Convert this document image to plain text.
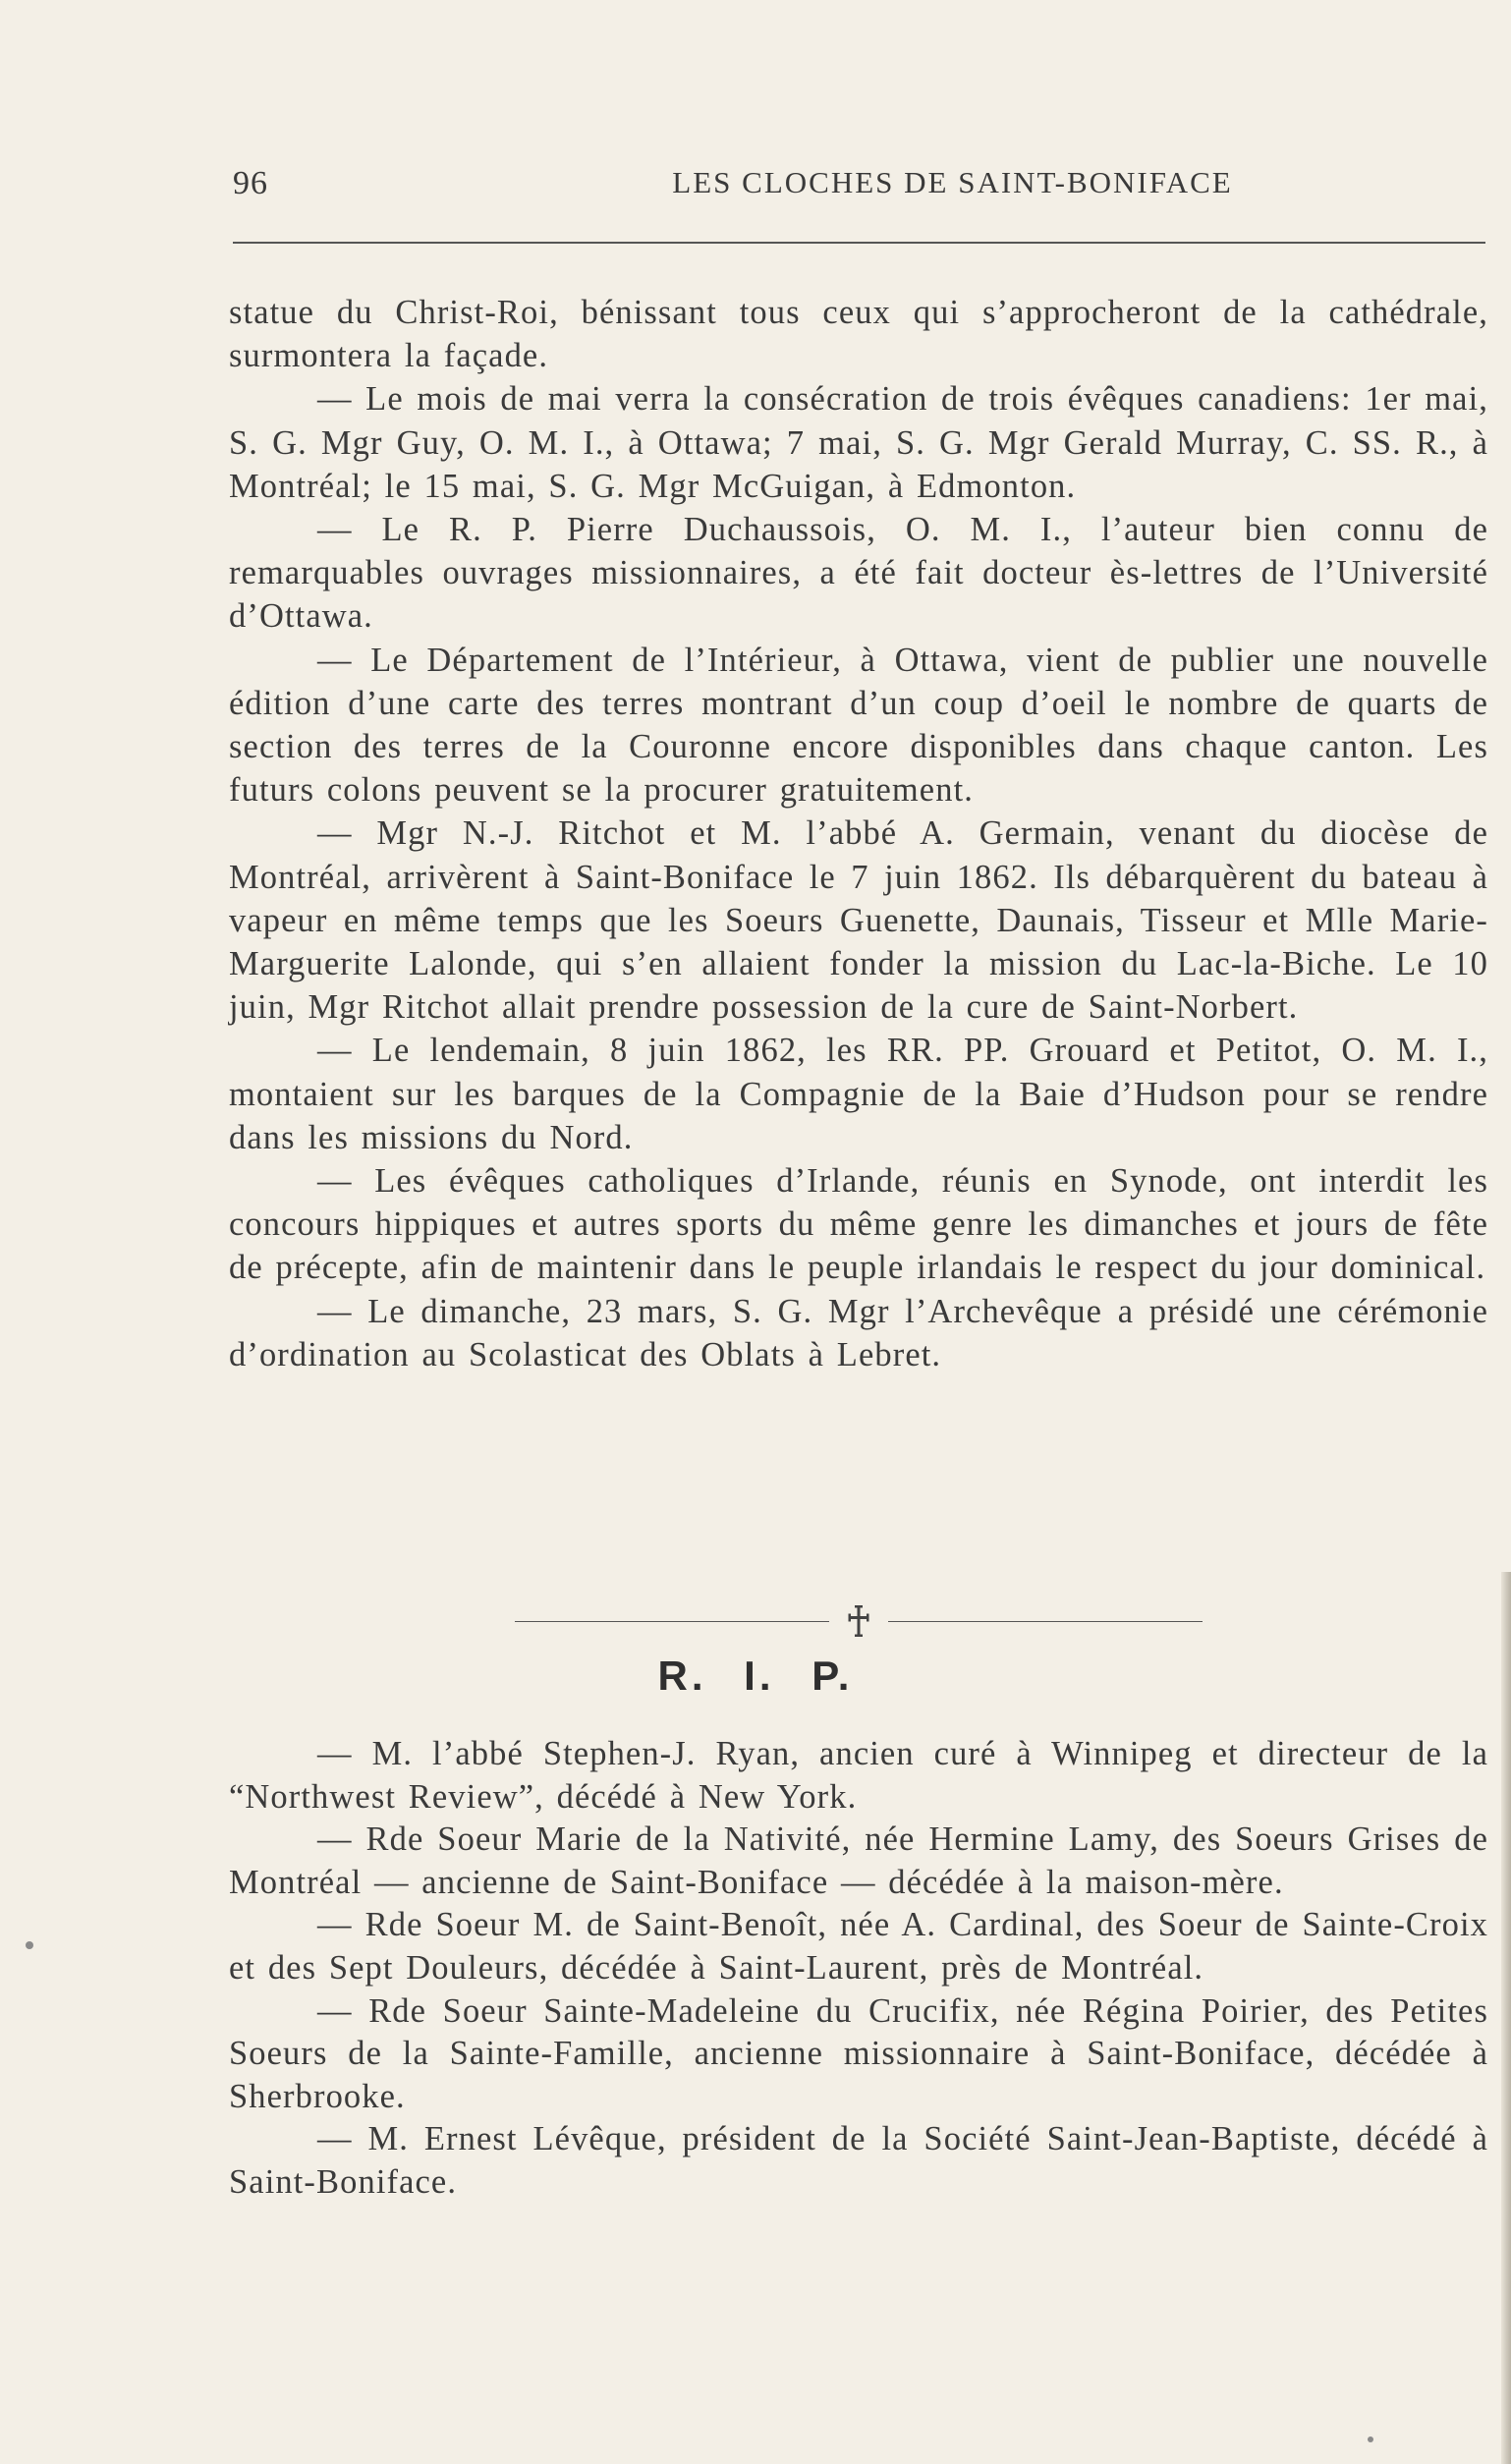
96	LES CLOCHES DE SAINT-BONIFACE

statue du Christ-Roi, bénissant tous ceux qui s’approcheront de la cathédrale, surmontera la façade.

— Le mois de mai verra la consécration de trois évêques canadiens: 1er mai, S. G. Mgr Guy, O. M. I., à Ottawa; 7 mai, S. G. Mgr Gerald Murray, C. SS. R., à Montréal; le 15 mai, S. G. Mgr McGuigan, à Edmonton.

— Le R. P. Pierre Duchaussois, O. M. I., l’auteur bien connu de remarquables ouvrages missionnaires, a été fait docteur ès-lettres de l’Université d’Ottawa.

— Le Département de l’Intérieur, à Ottawa, vient de publier une nouvelle édition d’une carte des terres montrant d’un coup d’oeil le nombre de quarts de section des terres de la Couronne encore disponibles dans chaque canton. Les futurs colons peuvent se la procurer gratuitement.

— Mgr N.-J. Ritchot et M. l’abbé A. Germain, venant du diocèse de Montréal, arrivèrent à Saint-Boniface le 7 juin 1862. Ils débarquèrent du bateau à vapeur en même temps que les Soeurs Guenette, Daunais, Tisseur et Mlle Marie-Marguerite Lalonde, qui s’en allaient fonder la mission du Lac-la-Biche. Le 10 juin, Mgr Ritchot allait prendre possession de la cure de Saint-Norbert.

— Le lendemain, 8 juin 1862, les RR. PP. Grouard et Petitot, O. M. I., montaient sur les barques de la Compagnie de la Baie d’Hudson pour se rendre dans les missions du Nord.

— Les évêques catholiques d’Irlande, réunis en Synode, ont interdit les concours hippiques et autres sports du même genre les dimanches et jours de fête de précepte, afin de maintenir dans le peuple irlandais le respect du jour dominical.

— Le dimanche, 23 mars, S. G. Mgr l’Archevêque a présidé une cérémonie d’ordination au Scolasticat des Oblats à Lebret.

R. I. P.

— M. l’abbé Stephen-J. Ryan, ancien curé à Winnipeg et directeur de la “Northwest Review”, décédé à New York.

— Rde Soeur Marie de la Nativité, née Hermine Lamy, des Soeurs Grises de Montréal — ancienne de Saint-Boniface — décédée à la maison-mère.

— Rde Soeur M. de Saint-Benoît, née A. Cardinal, des Soeur de Sainte-Croix et des Sept Douleurs, décédée à Saint-Laurent, près de Montréal.

— Rde Soeur Sainte-Madeleine du Crucifix, née Régina Poirier, des Petites Soeurs de la Sainte-Famille, ancienne missionnaire à Saint-Boniface, décédée à Sherbrooke.

— M. Ernest Lévêque, président de la Société Saint-Jean-Baptiste, décédé à Saint-Boniface.
